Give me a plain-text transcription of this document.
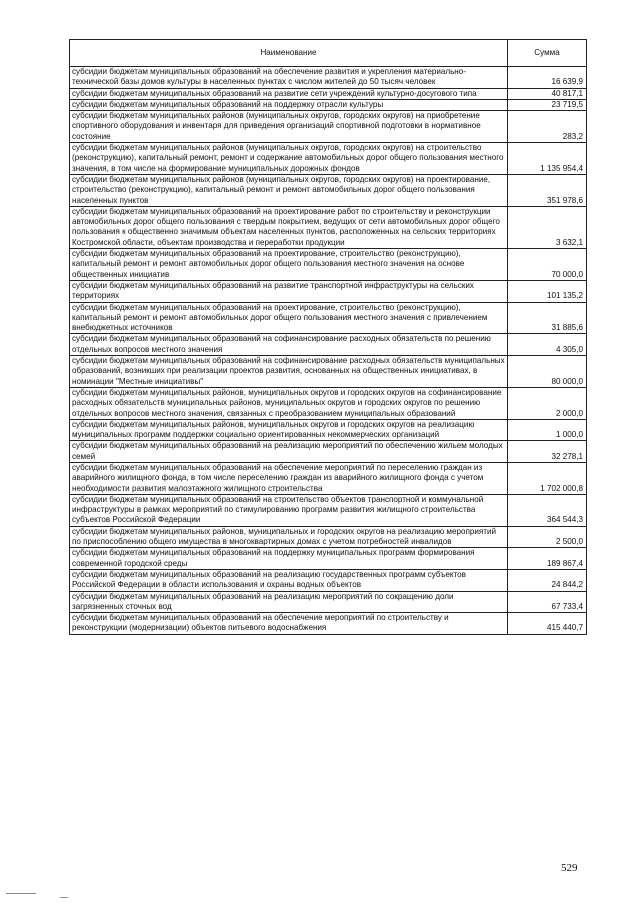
Наименование	Сумма
субсидии бюджетам муниципальных образований на обеспечение развития и укрепления материально-технической базы домов культуры в населенных пунктах с числом жителей до 50 тысяч человек	16 639,9
субсидии бюджетам муниципальных образований на развитие сети учреждений культурно-досугового типа	40 817,1
субсидии бюджетам муниципальных образований на поддержку отрасли культуры	23 719,5
субсидии бюджетам муниципальных районов (муниципальных округов, городских округов) на приобретение спортивного оборудования и инвентаря для приведения организаций спортивной подготовки в нормативное состояние	283,2
субсидии бюджетам муниципальных районов (муниципальных округов, городских округов) на строительство (реконструкцию), капитальный ремонт, ремонт и содержание автомобильных дорог общего пользования местного значения, в том числе на формирование муниципальных дорожных фондов	1 135 954,4
субсидии бюджетам муниципальных районов (муниципальных округов, городских округов) на проектирование, строительство (реконструкцию), капитальный ремонт и ремонт автомобильных дорог общего пользования населенных пунктов	351 978,6
субсидии бюджетам муниципальных образований на проектирование работ по строительству и реконструкции автомобильных дорог общего пользования с твердым покрытием, ведущих от сети автомобильных дорог общего пользования к общественно значимым объектам населенных пунктов, расположенных на сельских территориях Костромской области, объектам производства и переработки продукции	3 632,1
субсидии бюджетам муниципальных образований на проектирование, строительство (реконструкцию), капитальный ремонт и ремонт автомобильных дорог общего пользования местного значения на основе общественных инициатив	70 000,0
субсидии бюджетам муниципальных образований на развитие транспортной инфраструктуры на сельских территориях	101 135,2
субсидии бюджетам муниципальных образований на проектирование, строительство (реконструкцию), капитальный ремонт и ремонт автомобильных дорог общего пользования местного значения с привлечением внебюджетных источников	31 885,6
субсидии бюджетам муниципальных образований на софинансирование расходных обязательств по решению отдельных вопросов местного значения	4 305,0
субсидии бюджетам муниципальных образований на софинансирование расходных обязательств муниципальных образований, возникших при реализации проектов развития, основанных на общественных инициативах, в номинации "Местные инициативы"	80 000,0
субсидии бюджетам муниципальных районов, муниципальных округов и городских округов на софинансирование расходных обязательств муниципальных районов, муниципальных округов и городских округов по решению отдельных вопросов местного значения, связанных с преобразованием муниципальных образований	2 000,0
субсидии бюджетам муниципальных районов, муниципальных округов и городских округов на реализацию муниципальных программ поддержки социально ориентированных некоммерческих организаций	1 000,0
субсидии бюджетам муниципальных образований на реализацию мероприятий по обеспечению жильем молодых семей	32 278,1
субсидии бюджетам муниципальных образований на обеспечение мероприятий по переселению граждан из аварийного жилищного фонда, в том числе переселению граждан из аварийного жилищного фонда с учетом необходимости развития малоэтажного жилищного строительства	1 702 000,8
субсидии бюджетам муниципальных образований на строительство объектов транспортной и коммунальной инфраструктуры в рамках мероприятий по стимулированию программ развития жилищного строительства субъектов Российской Федерации	364 544,3
субсидии бюджетам муниципальных районов, муниципальных и городских округов на реализацию мероприятий по приспособлению общего имущества в многоквартирных домах с учетом потребностей инвалидов	2 500,0
субсидии бюджетам муниципальных образований на поддержку муниципальных программ формирования современной городской среды	189 867,4
субсидии бюджетам муниципальных образований на реализацию государственных программ субъектов Российской Федерации в области использования и охраны водных объектов	24 844,2
субсидии бюджетам муниципальных образований на реализацию мероприятий по сокращению доли загрязненных сточных вод	67 733,4
субсидии бюджетам муниципальных образований на обеспечение мероприятий по строительству и реконструкции (модернизации) объектов питьевого водоснабжения	415 440,7
529
